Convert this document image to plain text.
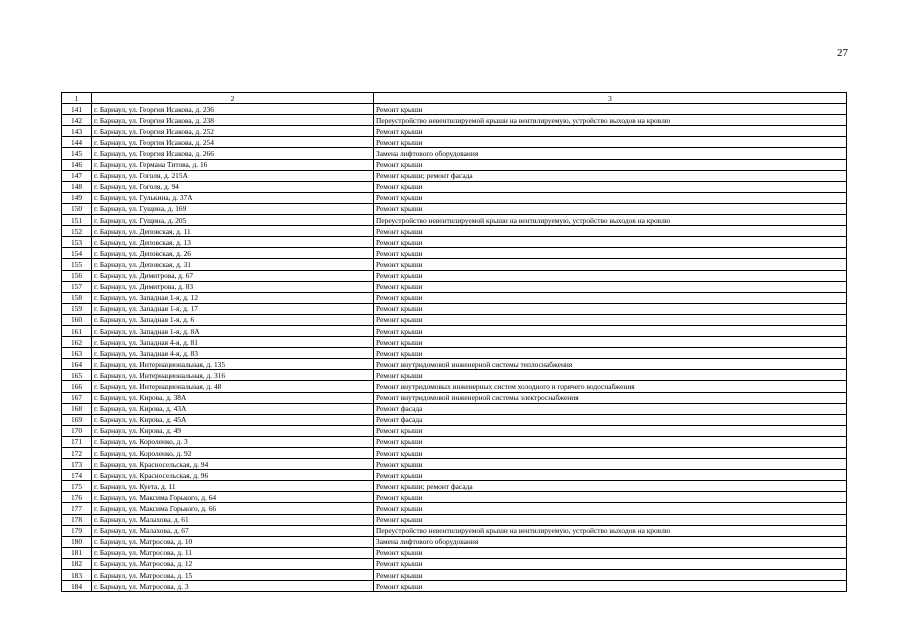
27
1	2	3
141	г. Барнаул, ул. Георгия Исакова, д. 236	Ремонт крыши
142	г. Барнаул, ул. Георгия Исакова, д. 238	Переустройство невентилируемой крыши на вентилируемую, устройство выходов на кровлю
143	г. Барнаул, ул. Георгия Исакова, д. 252	Ремонт крыши
144	г. Барнаул, ул. Георгия Исакова, д. 254	Ремонт крыши
145	г. Барнаул, ул. Георгия Исакова, д. 266	Замена лифтового оборудования
146	г. Барнаул, ул. Германа Титова, д. 16	Ремонт крыши
147	г. Барнаул, ул. Гоголя, д. 215А	Ремонт крыши; ремонт фасада
148	г. Барнаул, ул. Гоголя, д. 94	Ремонт крыши
149	г. Барнаул, ул. Гулькина, д. 37А	Ремонт крыши
150	г. Барнаул, ул. Гущина, д. 169	Ремонт крыши
151	г. Барнаул, ул. Гущина, д. 205	Переустройство невентилируемой крыши на вентилируемую, устройство выходов на кровлю
152	г. Барнаул, ул. Деповская, д. 11	Ремонт крыши
153	г. Барнаул, ул. Деповская, д. 13	Ремонт крыши
154	г. Барнаул, ул. Деповская, д. 26	Ремонт крыши
155	г. Барнаул, ул. Деповская, д. 31	Ремонт крыши
156	г. Барнаул, ул. Димитрова, д. 67	Ремонт крыши
157	г. Барнаул, ул. Димитрова, д. 83	Ремонт крыши
158	г. Барнаул, ул. Западная 1-я, д. 12	Ремонт крыши
159	г. Барнаул, ул. Западная 1-я, д. 17	Ремонт крыши
160	г. Барнаул, ул. Западная 1-я, д. 6	Ремонт крыши
161	г. Барнаул, ул. Западная 1-я, д. 8А	Ремонт крыши
162	г. Барнаул, ул. Западная 4-я, д. 81	Ремонт крыши
163	г. Барнаул, ул. Западная 4-я, д. 83	Ремонт крыши
164	г. Барнаул, ул. Интернациональная, д. 135	Ремонт внутридомовой инженерной системы теплоснабжения
165	г. Барнаул, ул. Интернациональная, д. 316	Ремонт крыши
166	г. Барнаул, ул. Интернациональная, д. 48	Ремонт внутридомовых инженерных систем холодного и горячего водоснабжения
167	г. Барнаул, ул. Кирова, д. 38А	Ремонт внутридомовой инженерной системы электроснабжения
168	г. Барнаул, ул. Кирова, д. 43А	Ремонт фасада
169	г. Барнаул, ул. Кирова, д. 45А	Ремонт фасада
170	г. Барнаул, ул. Кирова, д. 49	Ремонт крыши
171	г. Барнаул, ул. Короленко, д. 3	Ремонт крыши
172	г. Барнаул, ул. Короленко, д. 92	Ремонт крыши
173	г. Барнаул, ул. Красносельская, д. 94	Ремонт крыши
174	г. Барнаул, ул. Красносельская, д. 96	Ремонт крыши
175	г. Барнаул, ул. Куета, д. 11	Ремонт крыши; ремонт фасада
176	г. Барнаул, ул. Максима Горького, д. 64	Ремонт крыши
177	г. Барнаул, ул. Максима Горького, д. 66	Ремонт крыши
178	г. Барнаул, ул. Малахова, д. 61	Ремонт крыши
179	г. Барнаул, ул. Малахова, д. 67	Переустройство невентилируемой крыши на вентилируемую, устройство выходов на кровлю
180	г. Барнаул, ул. Матросова, д. 10	Замена лифтового оборудования
181	г. Барнаул, ул. Матросова, д. 11	Ремонт крыши
182	г. Барнаул, ул. Матросова, д. 12	Ремонт крыши
183	г. Барнаул, ул. Матросова, д. 15	Ремонт крыши
184	г. Барнаул, ул. Матросова, д. 3	Ремонт крыши
